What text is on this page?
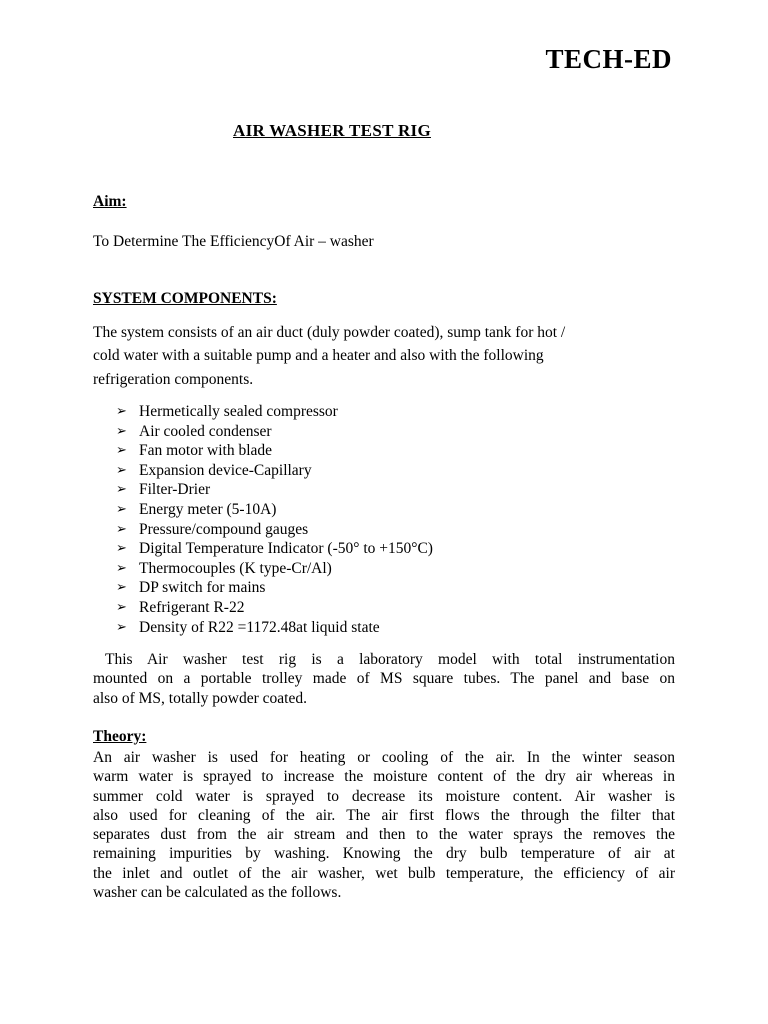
TECH-ED
AIR WASHER TEST RIG
Aim:
To Determine The EfficiencyOf Air – washer
SYSTEM COMPONENTS:
The system consists of an air duct (duly powder coated), sump tank for hot /
cold water with a suitable pump and a heater and also with the following
refrigeration components.
➢ Hermetically sealed compressor
➢ Air cooled condenser
➢ Fan motor with blade
➢ Expansion device-Capillary
➢ Filter-Drier
➢ Energy meter (5-10A)
➢ Pressure/compound gauges
➢ Digital Temperature Indicator (-50° to +150°C)
➢ Thermocouples (K type-Cr/Al)
➢ DP switch for mains
➢ Refrigerant R-22
➢ Density of R22 =1172.48at liquid state
This Air washer test rig is a laboratory model with total instrumentation
mounted on a portable trolley made of MS square tubes. The panel and base on
also of MS, totally powder coated.
Theory:
An air washer is used for heating or cooling of the air. In the winter season
warm water is sprayed to increase the moisture content of the dry air whereas in
summer cold water is sprayed to decrease its moisture content. Air washer is
also used for cleaning of the air. The air first flows the through the filter that
separates dust from the air stream and then to the water sprays the removes the
remaining impurities by washing. Knowing the dry bulb temperature of air at
the inlet and outlet of the air washer, wet bulb temperature, the efficiency of air
washer can be calculated as the follows.
